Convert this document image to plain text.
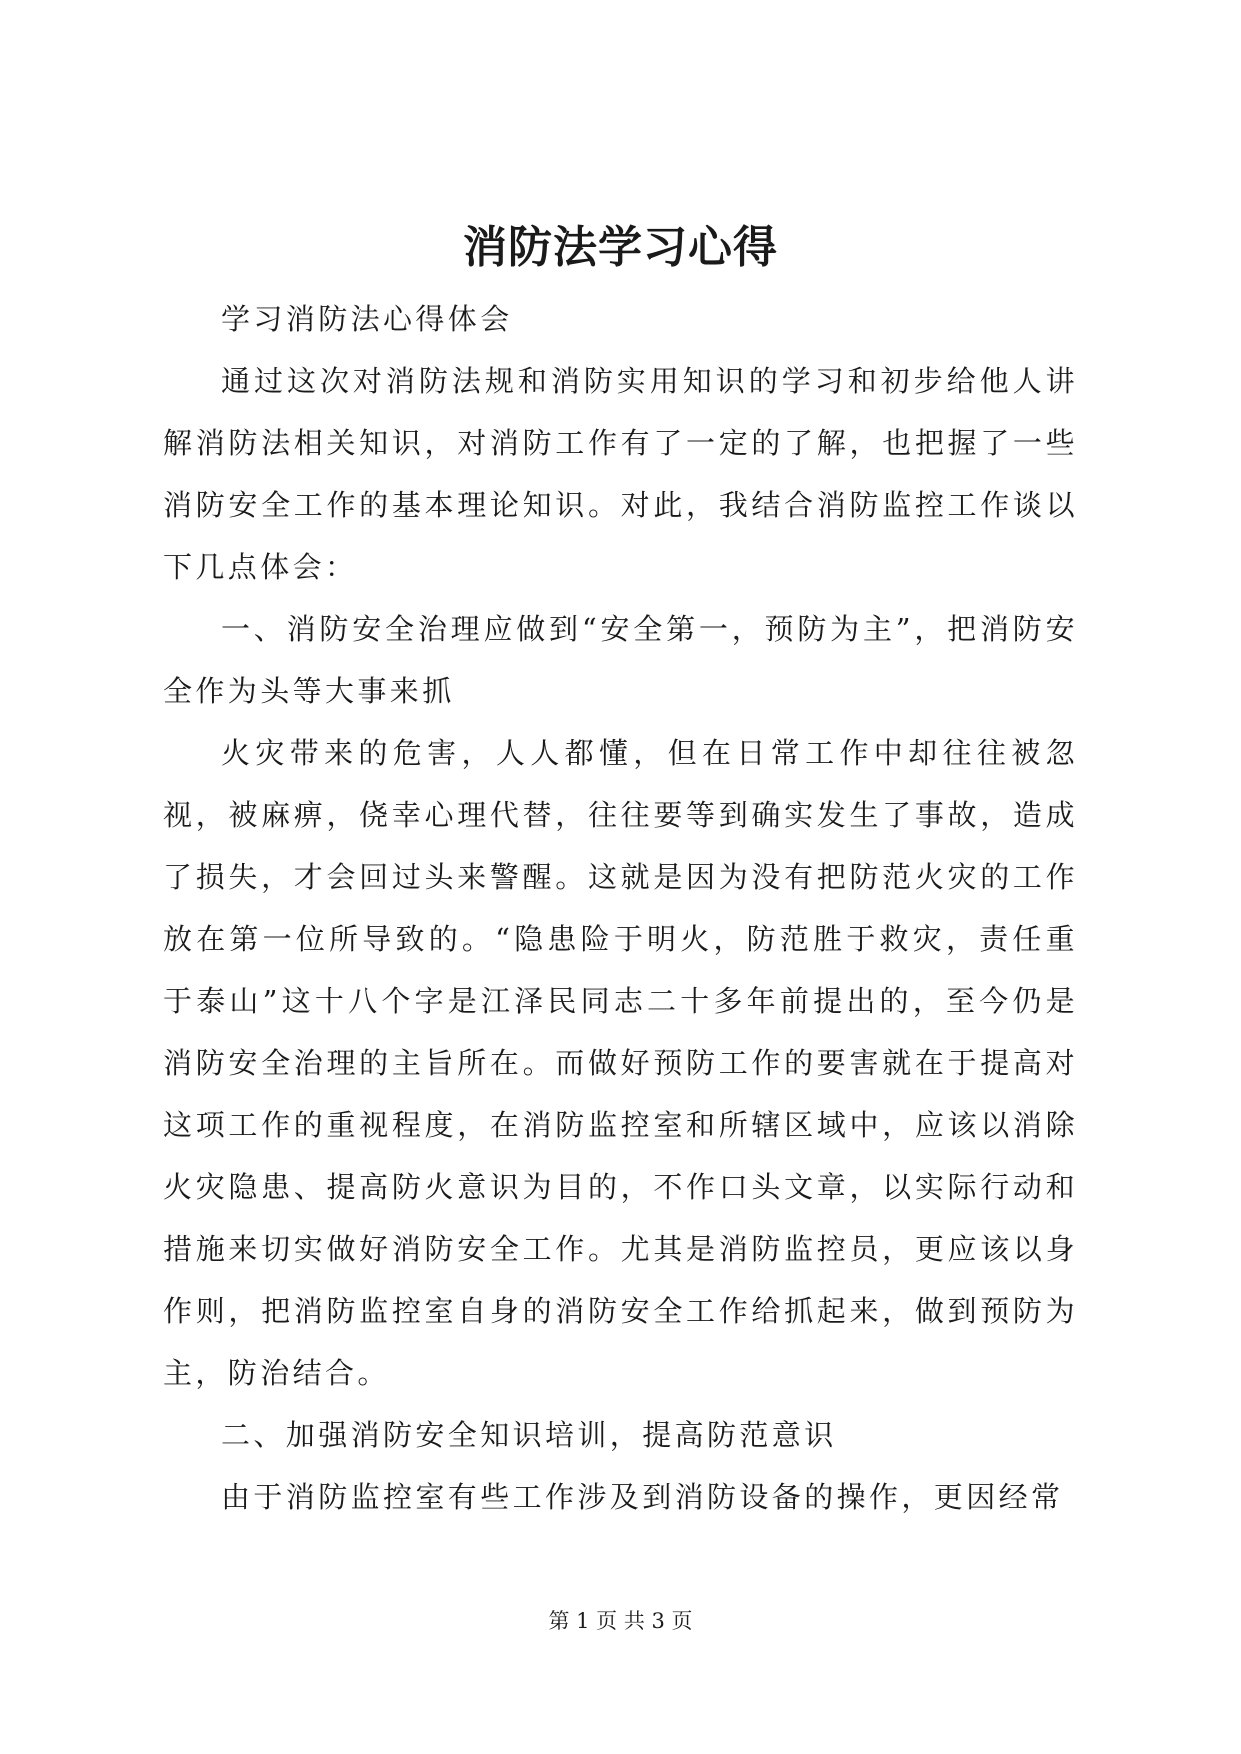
消防法学习心得

学习消防法心得体会

通过这次对消防法规和消防实用知识的学习和初步给他人讲解消防法相关知识，对消防工作有了一定的了解，也把握了一些消防安全工作的基本理论知识。对此，我结合消防监控工作谈以下几点体会：

一、消防安全治理应做到“安全第一，预防为主”，把消防安全作为头等大事来抓

火灾带来的危害，人人都懂，但在日常工作中却往往被忽视，被麻痹，侥幸心理代替，往往要等到确实发生了事故，造成了损失，才会回过头来警醒。这就是因为没有把防范火灾的工作放在第一位所导致的。“隐患险于明火，防范胜于救灾，责任重于泰山”这十八个字是江泽民同志二十多年前提出的，至今仍是消防安全治理的主旨所在。而做好预防工作的要害就在于提高对这项工作的重视程度，在消防监控室和所辖区域中，应该以消除火灾隐患、提高防火意识为目的，不作口头文章，以实际行动和措施来切实做好消防安全工作。尤其是消防监控员，更应该以身作则，把消防监控室自身的消防安全工作给抓起来，做到预防为主，防治结合。

二、加强消防安全知识培训，提高防范意识

由于消防监控室有些工作涉及到消防设备的操作，更因经常

第 1 页 共 3 页
